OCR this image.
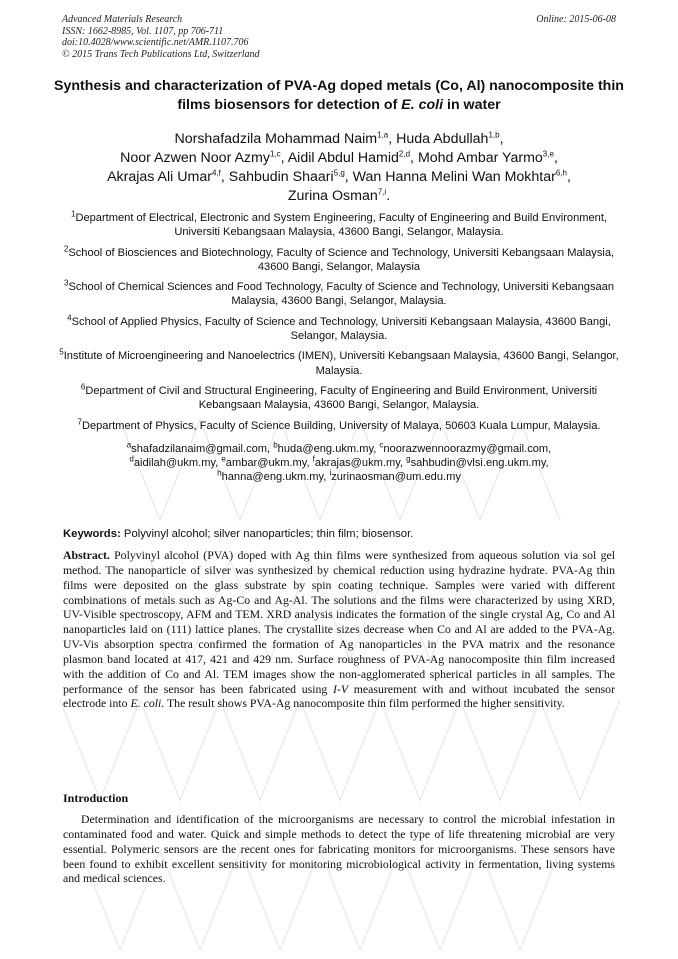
Advanced Materials Research
ISSN: 1662-8985, Vol. 1107, pp 706-711
doi:10.4028/www.scientific.net/AMR.1107.706
© 2015 Trans Tech Publications Ltd, Switzerland
Online: 2015-06-08
Synthesis and characterization of PVA-Ag doped metals (Co, Al) nanocomposite thin films biosensors for detection of E. coli in water
Norshafadzila Mohammad Naim$^{1,a}$, Huda Abdullah$^{1,b}$,
Noor Azwen Noor Azmy$^{1,c}$, Aidil Abdul Hamid$^{2,d}$, Mohd Ambar Yarmo$^{3,e}$,
Akrajas Ali Umar$^{4,f}$, Sahbudin Shaari$^{5,g}$, Wan Hanna Melini Wan Mokhtar$^{6,h}$,
Zurina Osman$^{7,i}$.
$^1$Department of Electrical, Electronic and System Engineering, Faculty of Engineering and Build Environment, Universiti Kebangsaan Malaysia, 43600 Bangi, Selangor, Malaysia.
$^2$School of Biosciences and Biotechnology, Faculty of Science and Technology, Universiti Kebangsaan Malaysia, 43600 Bangi, Selangor, Malaysia
$^3$School of Chemical Sciences and Food Technology, Faculty of Science and Technology, Universiti Kebangsaan Malaysia, 43600 Bangi, Selangor, Malaysia.
$^4$School of Applied Physics, Faculty of Science and Technology, Universiti Kebangsaan Malaysia, 43600 Bangi, Selangor, Malaysia.
$^5$Institute of Microengineering and Nanoelectrics (IMEN), Universiti Kebangsaan Malaysia, 43600 Bangi, Selangor, Malaysia.
$^6$Department of Civil and Structural Engineering, Faculty of Engineering and Build Environment, Universiti Kebangsaan Malaysia, 43600 Bangi, Selangor, Malaysia.
$^7$Department of Physics, Faculty of Science Building, University of Malaya, 50603 Kuala Lumpur, Malaysia.
$^a$shafadzilanaim@gmail.com, $^b$huda@eng.ukm.my, $^c$noorazwennoorazmy@gmail.com,
$^d$aidilah@ukm.my, $^e$ambar@ukm.my, $^f$akrajas@ukm.my, $^g$sahbudin@vlsi.eng.ukm.my,
$^h$hanna@eng.ukm.my, $^i$zurinaosman@um.edu.my
Keywords: Polyvinyl alcohol; silver nanoparticles; thin film; biosensor.
Abstract. Polyvinyl alcohol (PVA) doped with Ag thin films were synthesized from aqueous solution via sol gel method. The nanoparticle of silver was synthesized by chemical reduction using hydrazine hydrate. PVA-Ag thin films were deposited on the glass substrate by spin coating technique. Samples were varied with different combinations of metals such as Ag-Co and Ag-Al. The solutions and the films were characterized by using XRD, UV-Visible spectroscopy, AFM and TEM. XRD analysis indicates the formation of the single crystal Ag, Co and Al nanoparticles laid on (111) lattice planes. The crystallite sizes decrease when Co and Al are added to the PVA-Ag. UV-Vis absorption spectra confirmed the formation of Ag nanoparticles in the PVA matrix and the resonance plasmon band located at 417, 421 and 429 nm. Surface roughness of PVA-Ag nanocomposite thin film increased with the addition of Co and Al. TEM images show the non-agglomerated spherical particles in all samples. The performance of the sensor has been fabricated using I-V measurement with and without incubated the sensor electrode into E. coli. The result shows PVA-Ag nanocomposite thin film performed the higher sensitivity.
Introduction
Determination and identification of the microorganisms are necessary to control the microbial infestation in contaminated food and water. Quick and simple methods to detect the type of life threatening microbial are very essential. Polymeric sensors are the recent ones for fabricating monitors for microorganisms. These sensors have been found to exhibit excellent sensitivity for monitoring microbiological activity in fermentation, living systems and medical sciences.
